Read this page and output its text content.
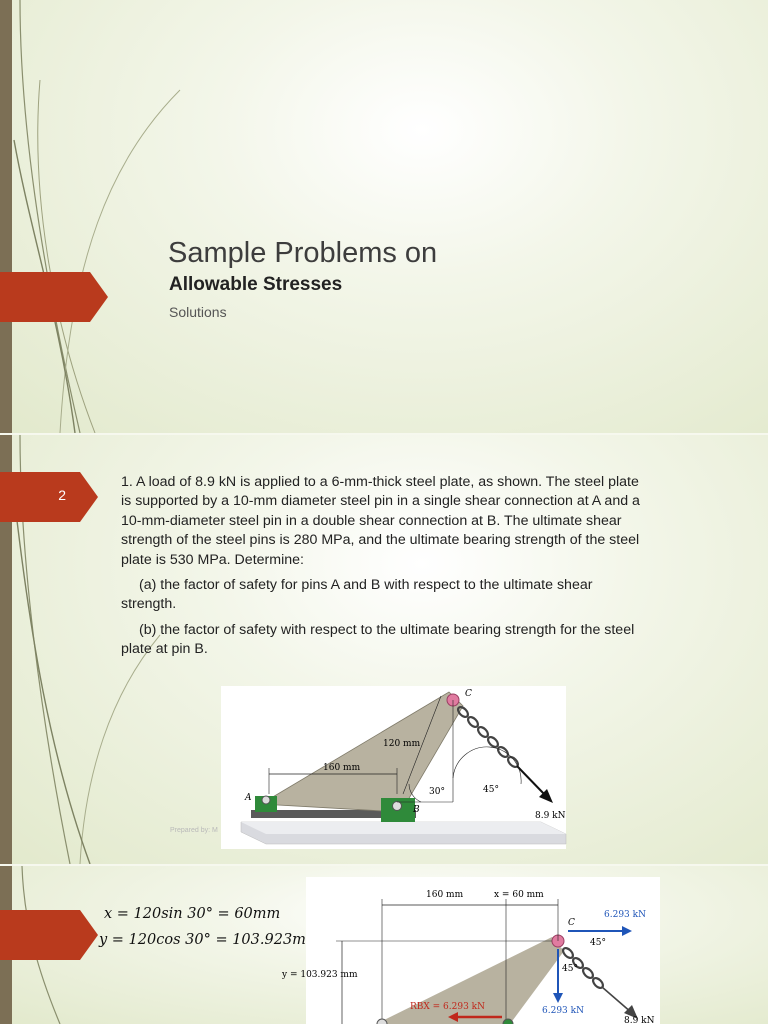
Sample Problems on
Allowable Stresses
Solutions
2

1. A load of 8.9 kN is applied to a 6-mm-thick steel plate, as shown. The steel plate is supported by a 10-mm diameter steel pin in a single shear connection at A and a 10-mm-diameter steel pin in a double shear connection at B. The ultimate shear strength of the steel pins is 280 MPa, and the ultimate bearing strength of the steel plate is 530 MPa. Determine:

(a) the factor of safety for pins A and B with respect to the ultimate shear strength.

(b) the factor of safety with respect to the ultimate bearing strength for the steel plate at pin B.

C
A
B
120 mm
160 mm
30°	45°
8.9 kN
Prepared by: M
x = 120sin 30° = 60mm
y = 120cos 30° = 103.923mm
160 mm	x = 60 mm
y = 103.923 mm
C
6.293 kN
45°
45°
6.293 kN
RBX = 6.293 kN
8.9 kN
